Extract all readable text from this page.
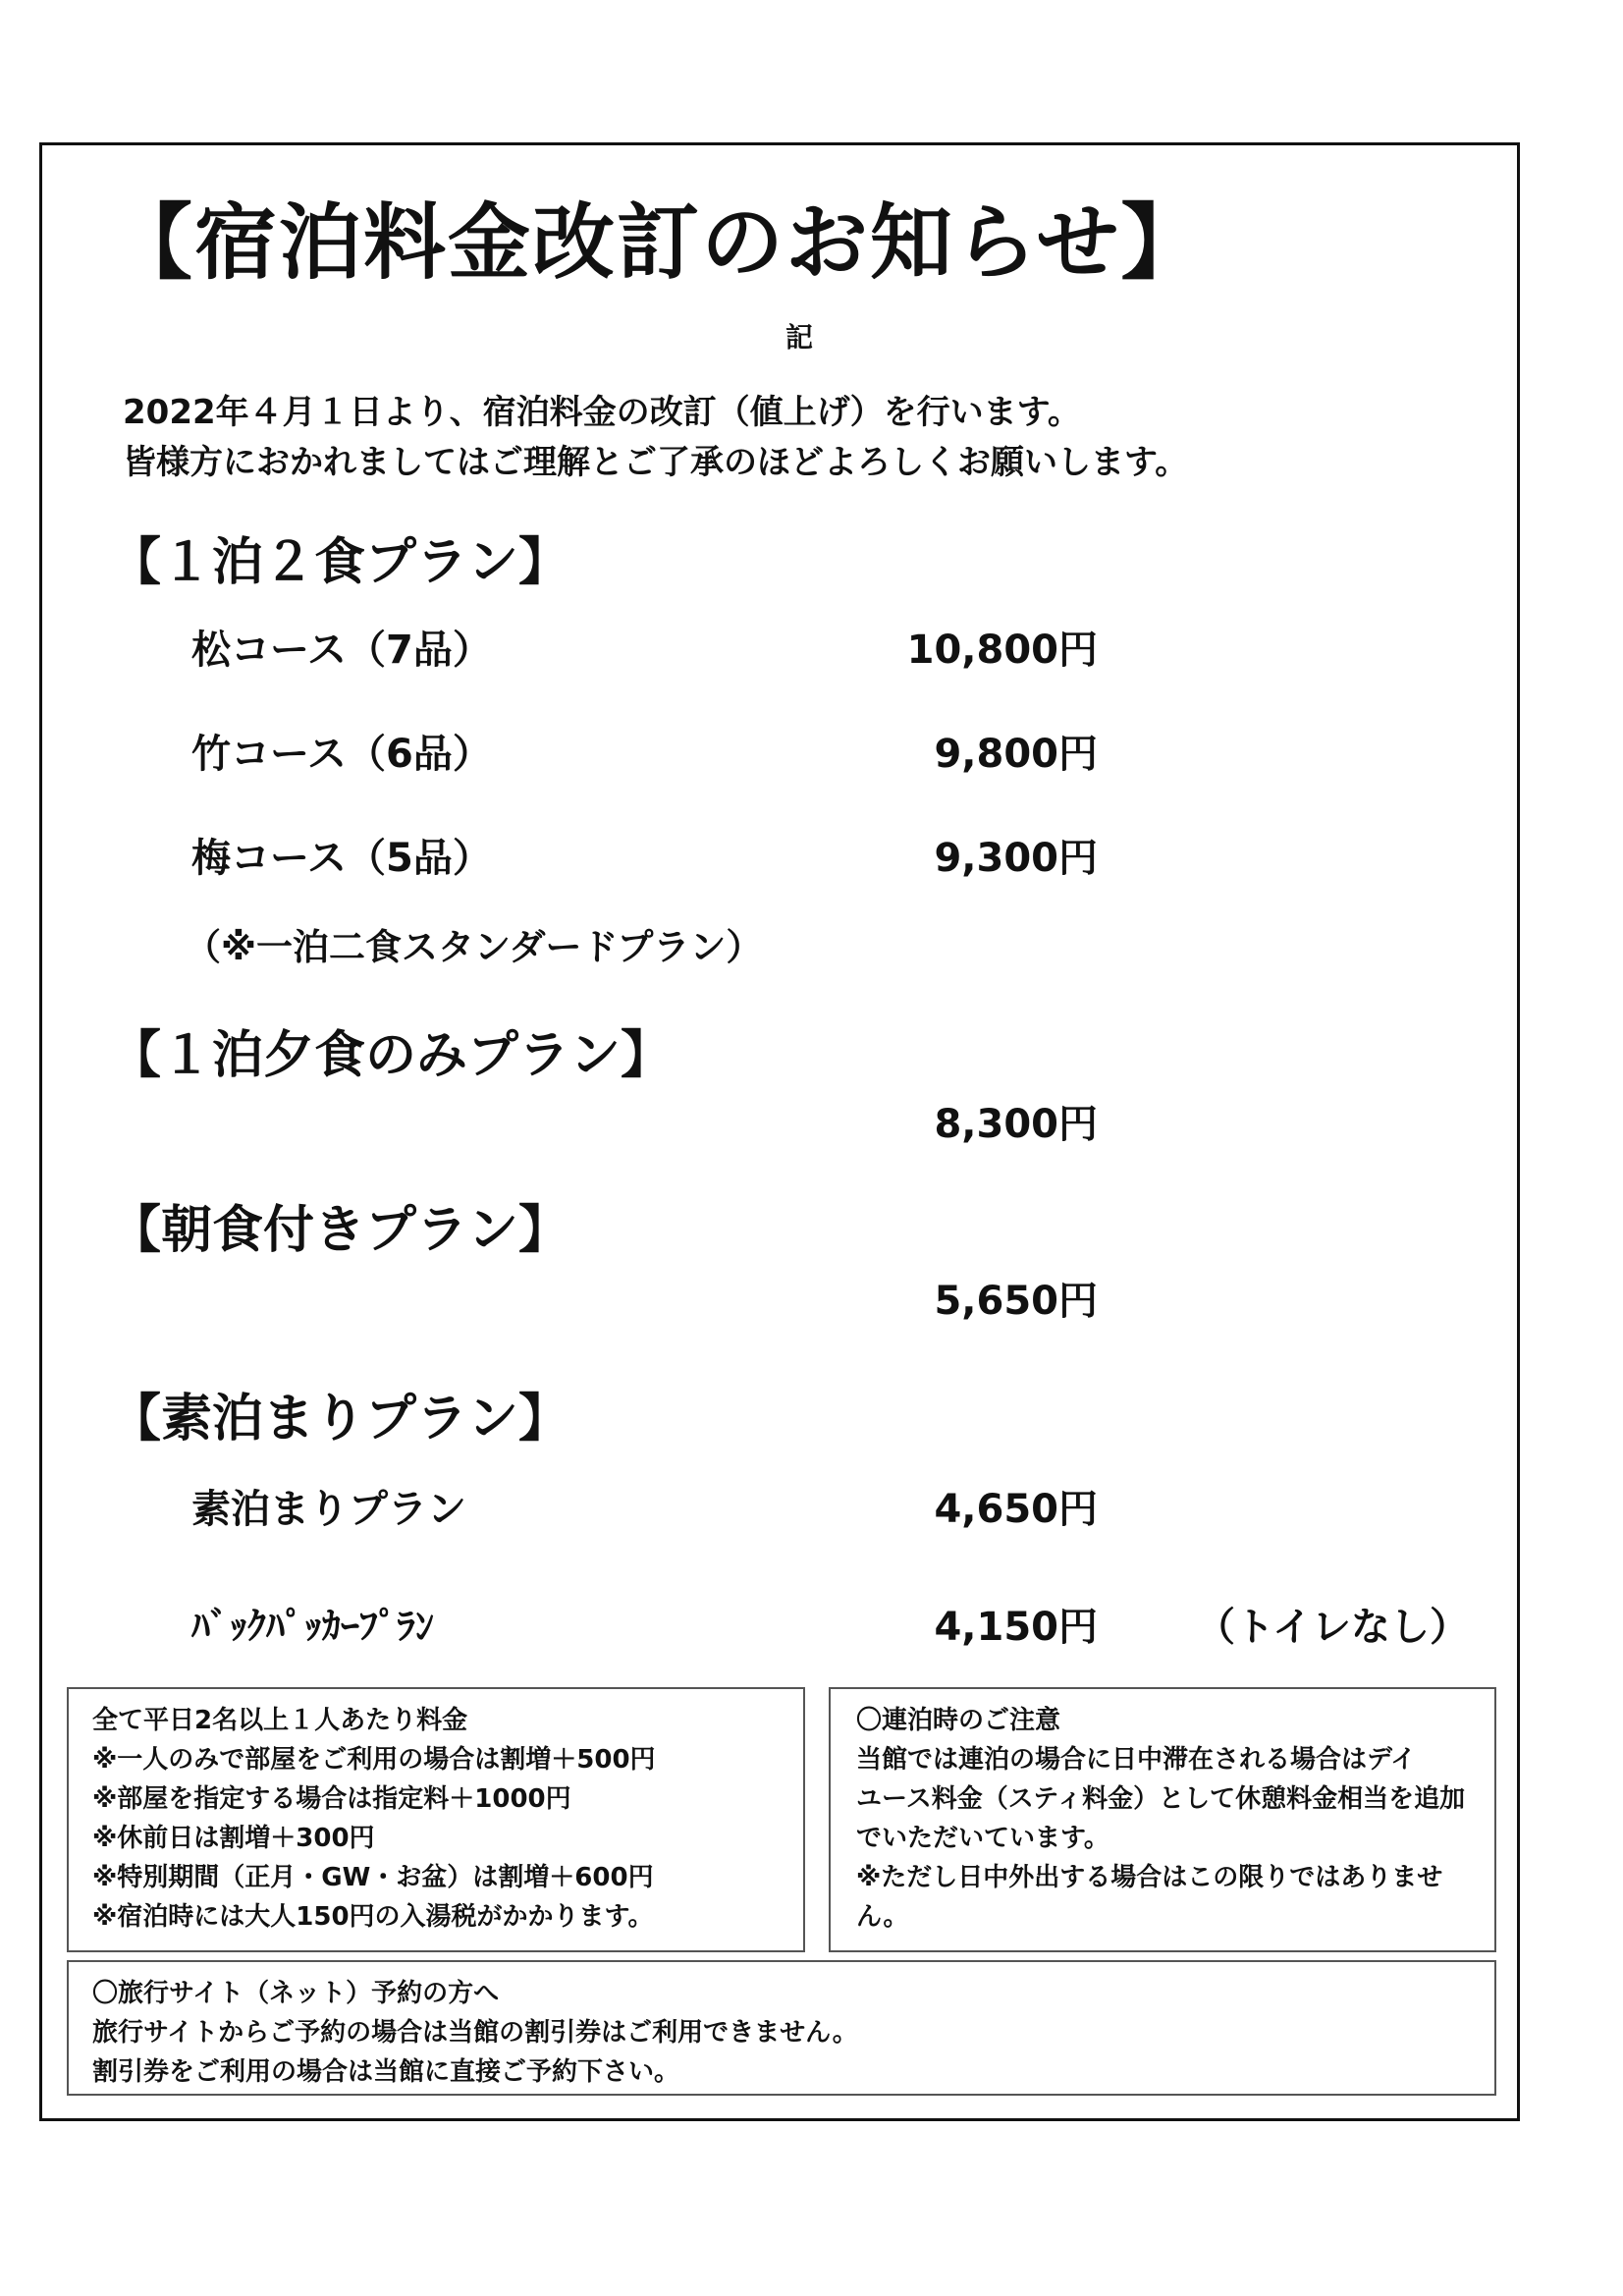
【宿泊料金改訂のお知らせ】
記
2022年４月１日より、宿泊料金の改訂（値上げ）を行います。
皆様方におかれましてはご理解とご了承のほどよろしくお願いします。
【１泊２食プラン】
松コース（7品）	10,800円
竹コース（6品）	9,800円
梅コース（5品）	9,300円
（※一泊二食スタンダードプラン）
【１泊夕食のみプラン】
8,300円
【朝食付きプラン】
5,650円
【素泊まりプラン】
素泊まりプラン	4,650円
ﾊﾞｯｸﾊﾟｯｶｰﾌﾟﾗﾝ	4,150円	（トイレなし）
全て平日2名以上１人あたり料金
※一人のみで部屋をご利用の場合は割増＋500円
※部屋を指定する場合は指定料＋1000円
※休前日は割増＋300円
※特別期間（正月・GW・お盆）は割増＋600円
※宿泊時には大人150円の入湯税がかかります。
〇連泊時のご注意
当館では連泊の場合に日中滞在される場合はデイ
ユース料金（スティ料金）として休憩料金相当を追加
でいただいています。
※ただし日中外出する場合はこの限りではありませ
ん。
〇旅行サイト（ネット）予約の方へ
旅行サイトからご予約の場合は当館の割引券はご利用できません。
割引券をご利用の場合は当館に直接ご予約下さい。
